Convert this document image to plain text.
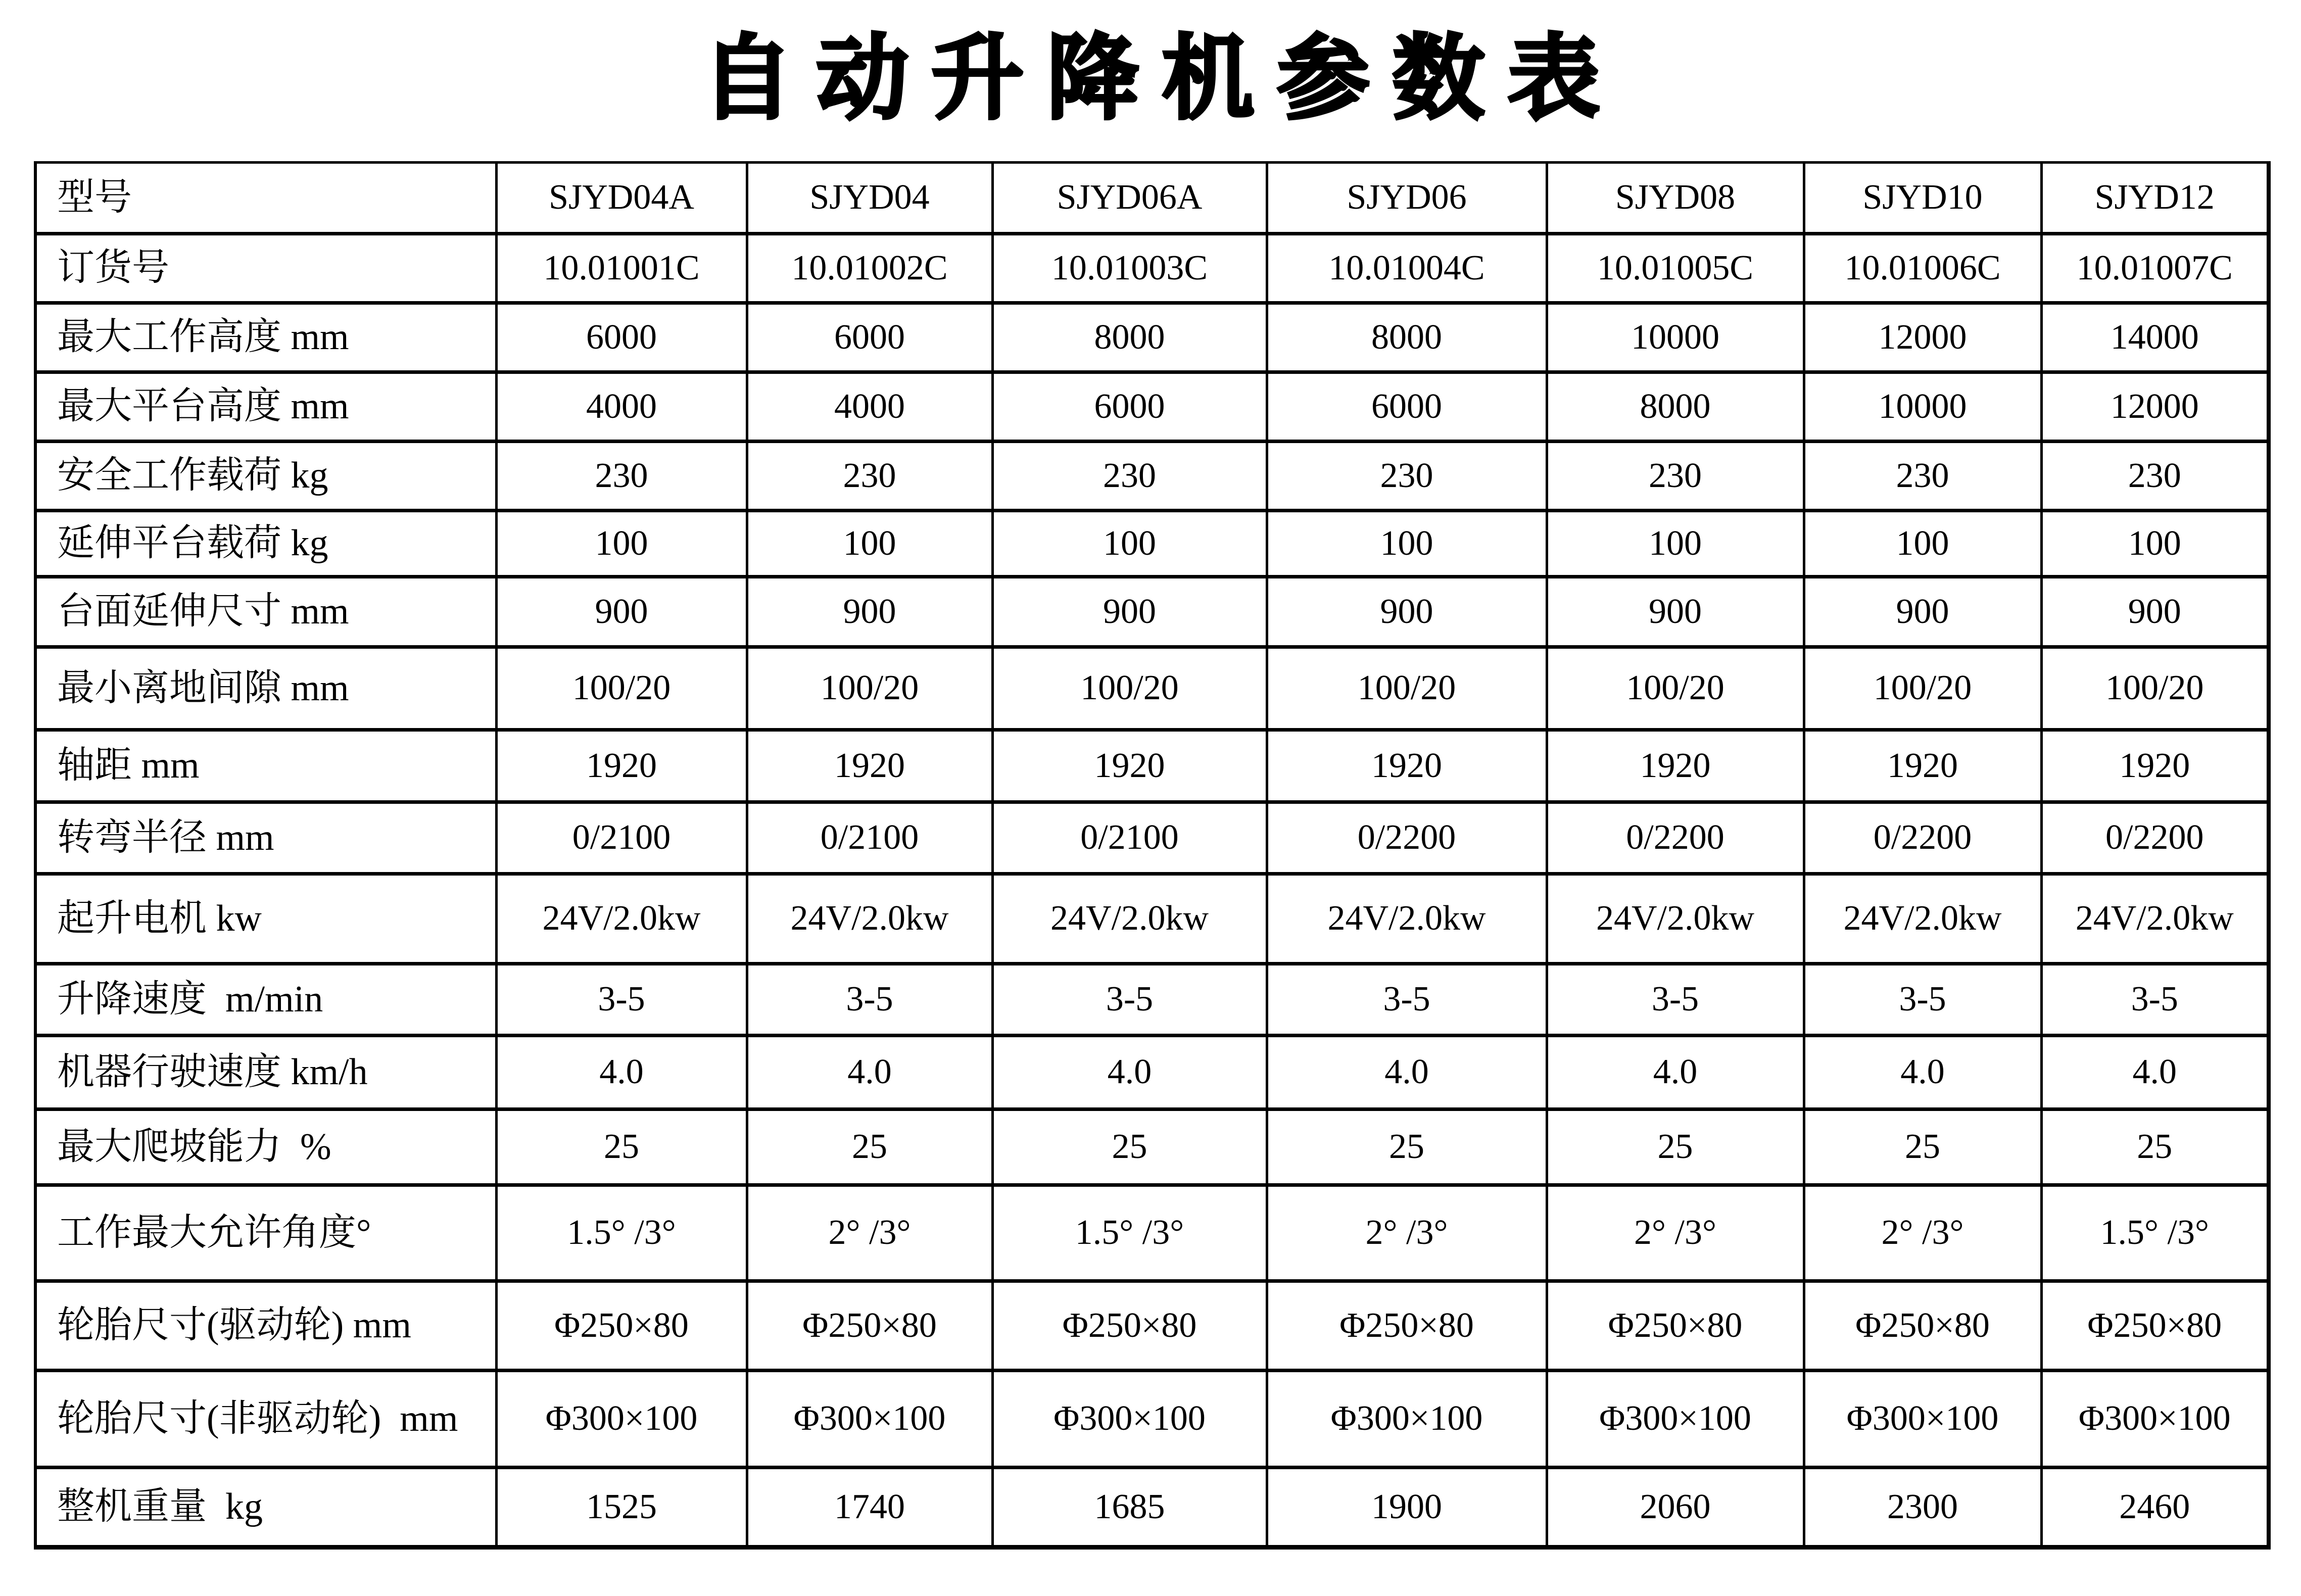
自动升降机参数表
型号	SJYD04A	SJYD04	SJYD06A	SJYD06	SJYD08	SJYD10	SJYD12
订货号	10.01001C	10.01002C	10.01003C	10.01004C	10.01005C	10.01006C	10.01007C
最大工作高度 mm	6000	6000	8000	8000	10000	12000	14000
最大平台高度 mm	4000	4000	6000	6000	8000	10000	12000
安全工作载荷 kg	230	230	230	230	230	230	230
延伸平台载荷 kg	100	100	100	100	100	100	100
台面延伸尺寸 mm	900	900	900	900	900	900	900
最小离地间隙 mm	100/20	100/20	100/20	100/20	100/20	100/20	100/20
轴距 mm	1920	1920	1920	1920	1920	1920	1920
转弯半径 mm	0/2100	0/2100	0/2100	0/2200	0/2200	0/2200	0/2200
起升电机 kw	24V/2.0kw	24V/2.0kw	24V/2.0kw	24V/2.0kw	24V/2.0kw	24V/2.0kw	24V/2.0kw
升降速度  m/min	3-5	3-5	3-5	3-5	3-5	3-5	3-5
机器行驶速度 km/h	4.0	4.0	4.0	4.0	4.0	4.0	4.0
最大爬坡能力  %	25	25	25	25	25	25	25
工作最大允许角度°	1.5° /3°	2° /3°	1.5° /3°	2° /3°	2° /3°	2° /3°	1.5° /3°
轮胎尺寸(驱动轮) mm	Φ250×80	Φ250×80	Φ250×80	Φ250×80	Φ250×80	Φ250×80	Φ250×80
轮胎尺寸(非驱动轮)  mm	Φ300×100	Φ300×100	Φ300×100	Φ300×100	Φ300×100	Φ300×100	Φ300×100
整机重量  kg	1525	1740	1685	1900	2060	2300	2460
